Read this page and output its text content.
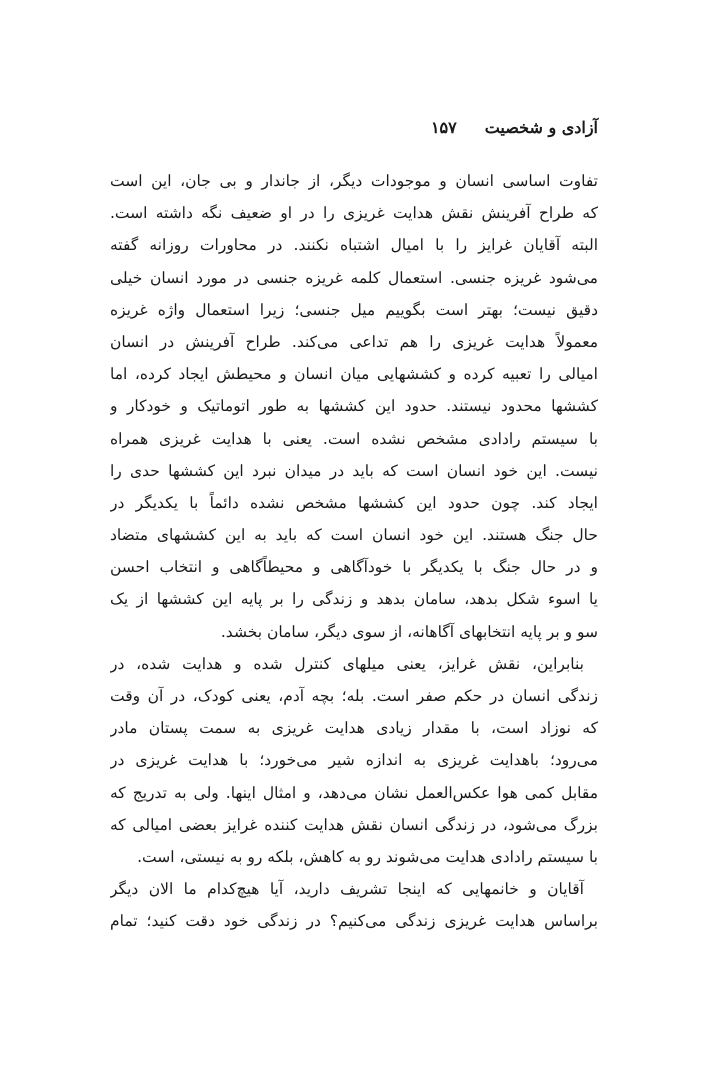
آزادی و شخصیت
۱۵۷
تفاوت اساسی انسان و موجودات دیگر، از جاندار و بی جان، این است
که طراح آفرینش نقش هدایت غریزی را در او ضعیف نگه داشته است.
البته آقایان غرایز را با امیال اشتباه نکنند. در محاورات روزانه گفته
می‌شود غریزه جنسی. استعمال کلمه غریزه جنسی در مورد انسان خیلی
دقیق نیست؛ بهتر است بگوییم میل جنسی؛ زیرا استعمال واژه غریزه
معمولاً هدایت غریزی را هم تداعی می‌کند. طراح آفرینش در انسان
امیالی را تعبیه کرده و کششهایی میان انسان و محیطش ایجاد کرده، اما
کششها محدود نیستند. حدود این کششها به طور اتوماتیک و خودکار و
با سیستم رادادی مشخص نشده است. یعنی با هدایت غریزی همراه
نیست. این خود انسان است که باید در میدان نبرد این کششها حدی را
ایجاد کند. چون حدود این کششها مشخص نشده دائماً با یکدیگر در
حال جنگ هستند. این خود انسان است که باید به این کششهای متضاد
و در حال جنگ با یکدیگر با خودآگاهی و محیطاًگاهی و انتخاب احسن
یا اسوء شکل بدهد، سامان بدهد و زندگی را بر پایه این کششها از یک
سو و بر پایه انتخابهای آگاهانه، از سوی دیگر، سامان بخشد.
بنابراین، نقش غرایز، یعنی میلهای کنترل شده و هدایت شده، در
زندگی انسان در حکم صفر است. بله؛ بچه آدم، یعنی کودک، در آن وقت
که نوزاد است، با مقدار زیادی هدایت غریزی به سمت پستان مادر
می‌رود؛ باهدایت غریزی به اندازه شیر می‌خورد؛ با هدایت غریزی در
مقابل کمی هوا عکس‌العمل نشان می‌دهد، و امثال اینها. ولی به تدریج که
بزرگ می‌شود، در زندگی انسان نقش هدایت کننده غرایز بعضی امیالی که
با سیستم رادادی هدایت می‌شوند رو به کاهش، بلکه رو به نیستی، است.
آقایان و خانمهایی که اینجا تشریف دارید، آیا هیچ‌کدام ما الان دیگر
براساس هدایت غریزی زندگی می‌کنیم؟ در زندگی خود دقت کنید؛ تمام
